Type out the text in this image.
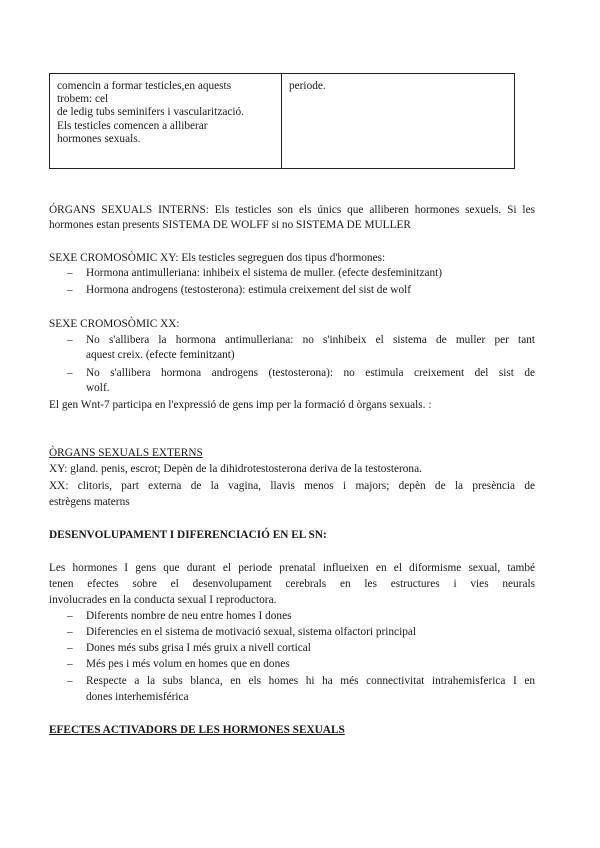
comencin a formar testicles,en aquests
trobem: cel
de ledig tubs seminifers i vascularització.
Els testicles comencen a alliberar
hormones sexuals.
periode.
ÓRGANS SEXUALS INTERNS: Els testicles son els únics que alliberen hormones sexuels. Si les
hormones estan presents SISTEMA DE WOLFF si no SISTEMA DE MULLER
SEXE CROMOSÒMIC XY: Els testicles segreguen dos tipus d'hormones:
– Hormona antimulleriana: inhibeix el sistema de muller. (efecte desfeminitzant)
– Hormona androgens (testosterona): estimula creixement del sist de wolf
SEXE CROMOSÒMIC XX:
– No s'allibera la hormona antimulleriana: no s'inhibeix el sistema de muller per tant
aquest creix. (efecte feminitzant)
– No s'allibera hormona androgens (testosterona): no estimula creixement del sist de
wolf.
El gen Wnt-7 participa en l'expressió de gens imp per la formació d òrgans sexuals. :
ÒRGANS SEXUALS EXTERNS
XY: gland. penis, escrot; Depèn de la dihidrotestosterona deriva de la testosterona.
XX: clitoris, part externa de la vagina, llavis menos i majors; depèn de la presència de
estrègens materns
DESENVOLUPAMENT I DIFERENCIACIÓ EN EL SN:
Les hormones I gens que durant el periode prenatal influeixen en el diformisme sexual, també
tenen efectes sobre el desenvolupament cerebrals en les estructures i vies neurals
involucrades en la conducta sexual I reproductora.
– Diferents nombre de neu entre homes I dones
– Diferencies en el sistema de motivació sexual, sistema olfactori principal
– Dones més subs grisa I més gruix a nivell cortical
– Més pes i més volum en homes que en dones
– Respecte a la subs blanca, en els homes hi ha més connectivitat intrahemisferica I en
dones interhemisférica
EFECTES ACTIVADORS DE LES HORMONES SEXUALS
